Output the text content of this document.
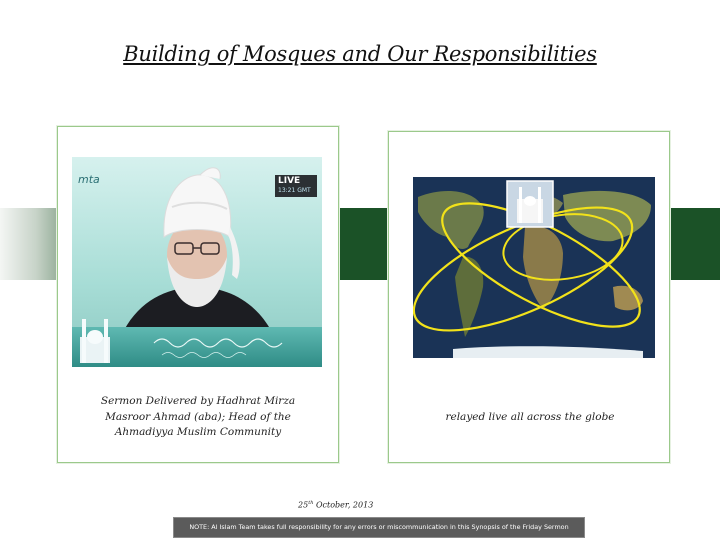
Building of Mosques and Our Responsibilities
mta	LIVE
13:21 GMT
Sermon Delivered by Hadhrat Mirza Masroor Ahmad (aba); Head of the Ahmadiyya Muslim Community
relayed live all across the globe
25th October, 2013
NOTE: Al Islam Team takes full responsibility for any errors or miscommunication in this Synopsis of the Friday Sermon
